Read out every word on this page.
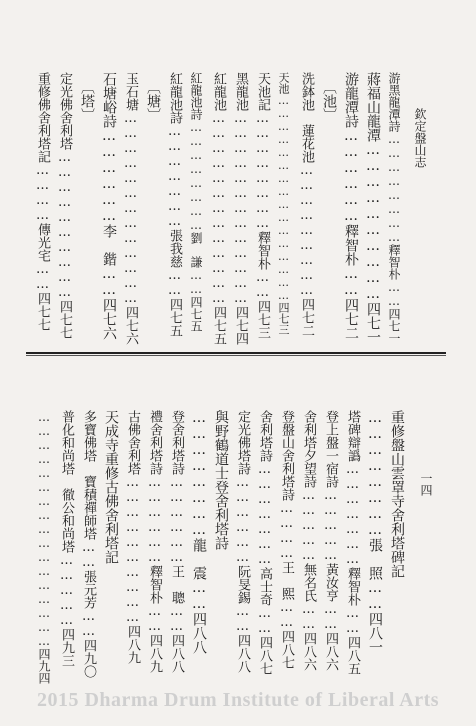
欽定盤山志
一四
游黑龍潭詩……………………釋智朴……四七一
蔣福山龍潭…………………………四七一
游龍潭詩………………釋智朴……四七二
〔池〕
洗鉢池　蓮花池………………………四七二
天池…………………………………………四七三
天池記……………………釋智朴……四七三
黑龍池…………………………………四七四
紅龍池…………………………………四七五
紅龍池詩……………………劉　謙……四七五
紅龍池詩…………………張我慈……四七五
〔塘〕
玉石塘…………………………………四七六
石塘峪詩………………李　鍇……四七六
〔塔〕
定光佛舍利塔…………………………四七七
重修佛舍利塔記…………傳光宅……四七七
重修盤山雲罩寺舍利塔碑記
……………………張　照……四八一
塔碑辯譌…………………釋智朴……四八五
登上盤一宿詩……………黃汝亨……四八六
舍利塔夕望詩……………無名氏……四八六
登盤山舍利塔詩…………王　熙……四八七
舍利塔詩…………………高士奇……四八七
定光佛塔詩………………阮旻錫……四八八
與野鶴道士登舍利塔詩
……………………龍　震……四八八
登舍利塔詩………………王　聰……四八八
禮舍利塔詩………………釋智朴……四八九
古佛舍利塔…………………………四八九
天成寺重修古佛舍利塔記
多寶佛塔　寶積禪師塔……張元芳……四九〇
普化和尚塔　徹公和尚塔……………四九三
……………………………………………四九四
2015 Dharma Drum Institute of Liberal Arts
